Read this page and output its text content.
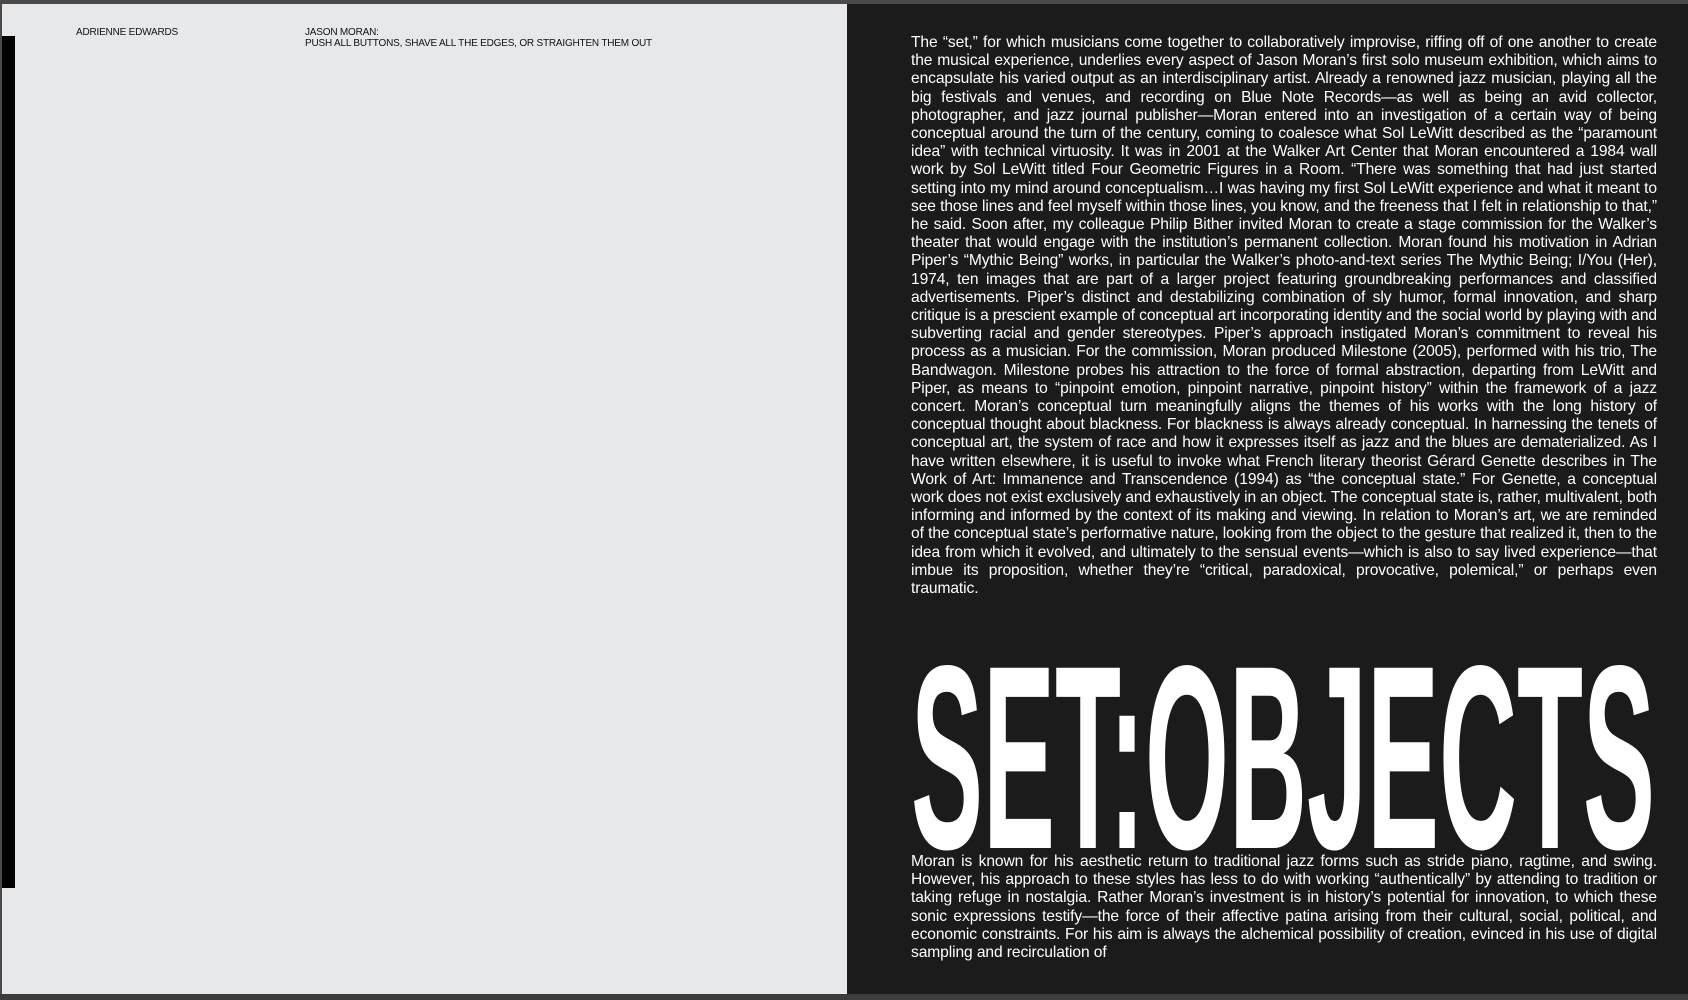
ADRIENNE EDWARDS	JASON MORAN:
PUSH ALL BUTTONS, SHAVE ALL THE EDGES, OR STRAIGHTEN THEM OUT	The “set,” for which musicians come together to collaboratively improvise, riffing off of one another to create the musical experience, underlies every aspect of Jason Moran’s first solo museum exhibition, which aims to encapsulate his varied output as an interdisciplinary artist. Already a renowned jazz musician, playing all the big festivals and venues, and recording on Blue Note Records—as well as being an avid collector, photographer, and jazz journal publisher—Moran entered into an investigation of a certain way of being conceptual around the turn of the century, coming to coalesce what Sol LeWitt described as the “paramount idea” with technical virtuosity. It was in 2001 at the Walker Art Center that Moran encountered a 1984 wall work by Sol LeWitt titled Four Geometric Figures in a Room. “There was something that had just started setting into my mind around conceptualism…I was having my first Sol LeWitt experience and what it meant to see those lines and feel myself within those lines, you know, and the freeness that I felt in relationship to that,” he said. Soon after, my colleague Philip Bither invited Moran to create a stage commission for the Walker’s theater that would engage with the institution’s permanent collection. Moran found his motivation in Adrian Piper’s “Mythic Being” works, in particular the Walker’s photo-and-text series The Mythic Being; I/You (Her), 1974, ten images that are part of a larger project featuring groundbreaking performances and classified advertisements. Piper’s distinct and destabilizing combination of sly humor, formal innovation, and sharp critique is a prescient example of conceptual art incorporating identity and the social world by playing with and subverting racial and gender stereotypes. Piper’s approach instigated Moran’s commitment to reveal his process as a musician. For the commission, Moran produced Milestone (2005), performed with his trio, The Bandwagon. Milestone probes his attraction to the force of formal abstraction, departing from LeWitt and Piper, as means to “pinpoint emotion, pinpoint narrative, pinpoint history” within the framework of a jazz concert. Moran’s conceptual turn meaningfully aligns the themes of his works with the long history of conceptual thought about blackness. For blackness is always already conceptual. In harnessing the tenets of conceptual art, the system of race and how it expresses itself as jazz and the blues are dematerialized. As I have written elsewhere, it is useful to invoke what French literary theorist Gérard Genette describes in The Work of Art: Immanence and Transcendence (1994) as “the conceptual state.” For Genette, a conceptual work does not exist exclusively and exhaustively in an object. The conceptual state is, rather, multivalent, both informing and informed by the context of its making and viewing. In relation to Moran’s art, we are reminded of the conceptual state’s performative nature, looking from the object to the gesture that realized it, then to the idea from which it evolved, and ultimately to the sensual events—which is also to say lived experience—that imbue its proposition, whether they’re “critical, paradoxical, provocative, polemical,” or perhaps even traumatic.

SET:OBJECTS

Moran is known for his aesthetic return to traditional jazz forms such as stride piano, ragtime, and swing. However, his approach to these styles has less to do with working “authentically” by attending to tradition or taking refuge in nostalgia. Rather Moran’s investment is in history’s potential for innovation, to which these sonic expressions testify—the force of their affective patina arising from their cultural, social, political, and economic constraints. For his aim is always the alchemical possibility of creation, evinced in his use of digital sampling and recirculation of
